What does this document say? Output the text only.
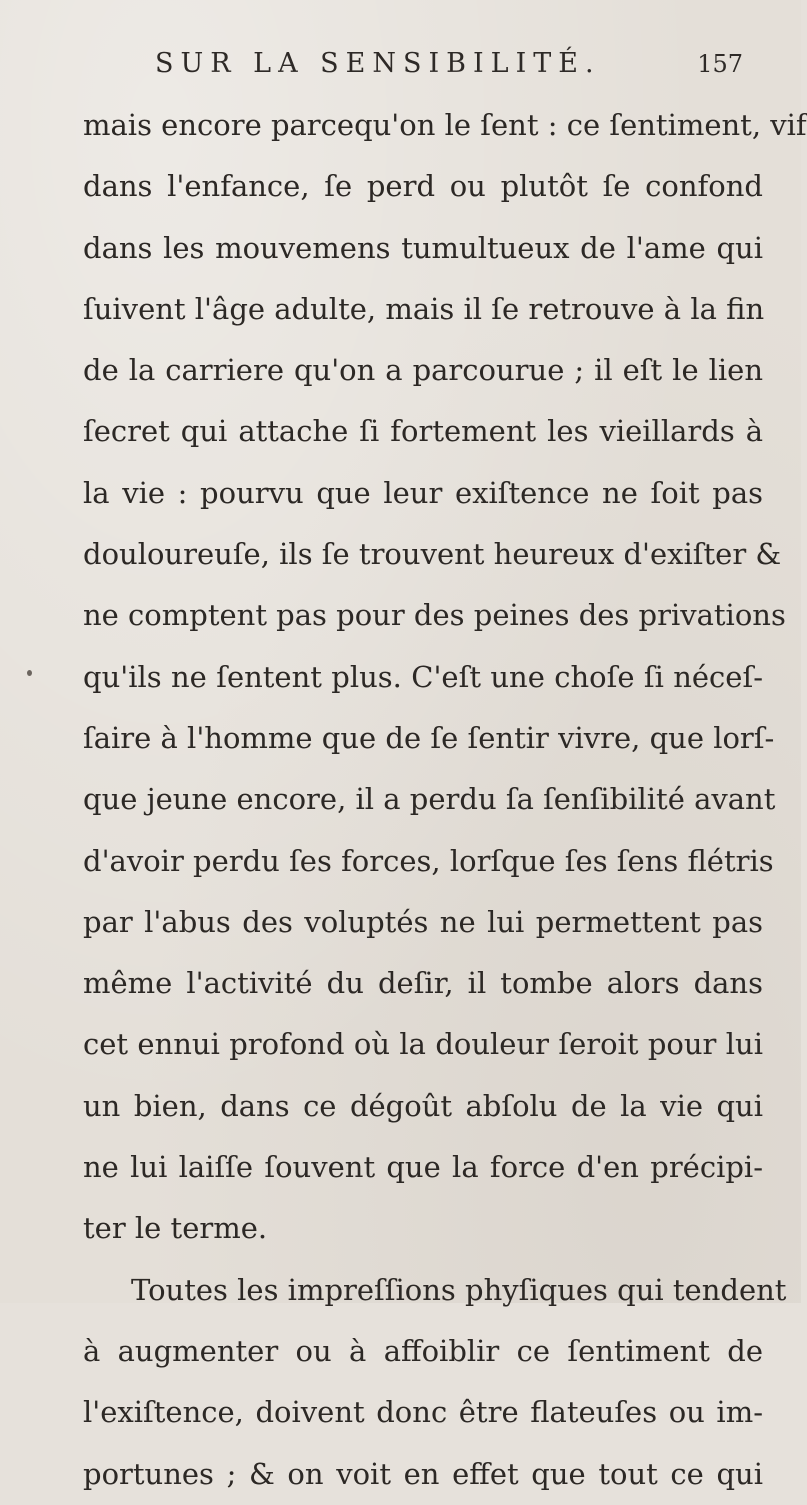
SUR LA SENSIBILITÉ.	157
mais encore parcequ'on le ſent : ce ſentiment, vif
dans l'enfance, ſe perd ou plutôt ſe confond
dans les mouvemens tumultueux de l'ame qui
ſuivent l'âge adulte, mais il ſe retrouve à la fin
de la carriere qu'on a parcourue ; il eſt le lien
ſecret qui attache ſi fortement les vieillards à
la vie : pourvu que leur exiſtence ne ſoit pas
douloureuſe, ils ſe trouvent heureux d'exiſter &
ne comptent pas pour des peines des privations
qu'ils ne ſentent plus. C'eſt une choſe ſi néceſ-
ſaire à l'homme que de ſe ſentir vivre, que lorſ-
que jeune encore, il a perdu ſa ſenſibilité avant
d'avoir perdu ſes forces, lorſque ſes ſens flétris
par l'abus des voluptés ne lui permettent pas
même l'activité du deſir, il tombe alors dans
cet ennui profond où la douleur ſeroit pour lui
un bien, dans ce dégoût abſolu de la vie qui
ne lui laiſſe ſouvent que la force d'en précipi-
ter le terme.
Toutes les impreſſions phyſiques qui tendent
à augmenter ou à affoiblir ce ſentiment de
l'exiſtence, doivent donc être flateuſes ou im-
portunes ; & on voit en effet que tout ce qui
